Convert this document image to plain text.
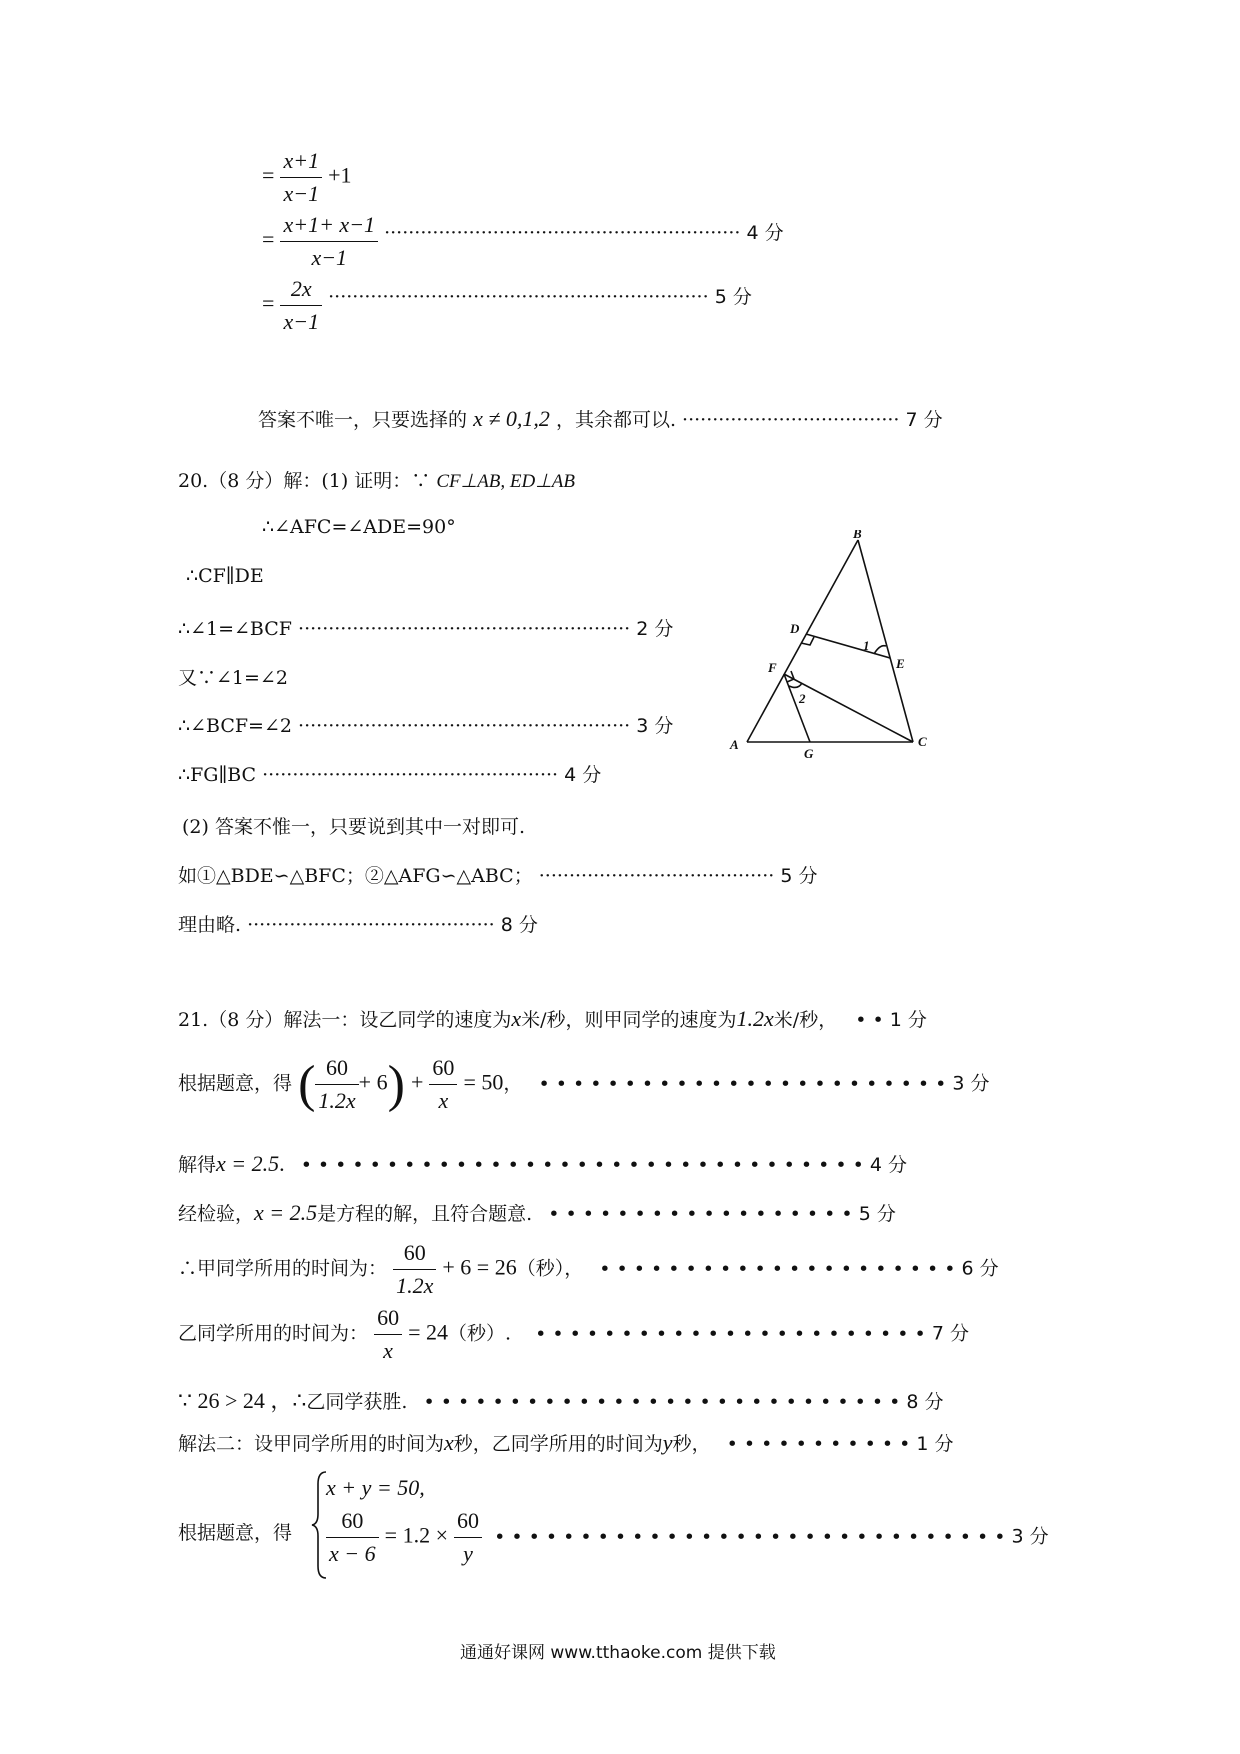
= $\frac{x+1}{x-1} +1$
= $\frac{x+1+ x-1}{x-1}$ ··························································· 4 分
= $\frac{2x}{x-1}$ ······························································· 5 分
答案不唯一，只要选择的 x ≠ 0,1,2 ，其余都可以. ···································· 7 分
20.（8 分）解：(1) 证明：∵ CF⊥AB, ED⊥AB
∴∠AFC=∠ADE=90°
∴CF∥DE
∴∠1=∠BCF ······················································· 2 分
又∵∠1=∠2
∴∠BCF=∠2 ······················································· 3 分
∴FG∥BC ················································· 4 分
(2) 答案不惟一，只要说到其中一对即可.
如①△BDE∽△BFC；②△AFG∽△ABC； ······································· 5 分
理由略. ········································· 8 分
B
D
E
F
A
G
C
1
2
21.（8 分）解法一：设乙同学的速度为x米/秒，则甲同学的速度为1.2x米/秒， • • 1 分
根据题意，得 ( $\frac{60}{1.2x} + 6) + \frac{60}{x} = 50$， • • • • • • • • • • • • • • • • • • • • • • • • 3 分
解得x = 2.5. • • • • • • • • • • • • • • • • • • • • • • • • • • • • • • • • • 4 分
经检验，x = 2.5是方程的解，且符合题意. • • • • • • • • • • • • • • • • • • 5 分
∴甲同学所用的时间为： $\frac{60}{1.2x} + 6 = 26$（秒）， • • • • • • • • • • • • • • • • • • • • • 6 分
乙同学所用的时间为： $\frac{60}{x} = 24$（秒）. • • • • • • • • • • • • • • • • • • • • • • • 7 分
∵ 26 > 24 ，∴乙同学获胜. • • • • • • • • • • • • • • • • • • • • • • • • • • • • 8 分
解法二：设甲同学所用的时间为x秒，乙同学所用的时间为y秒， • • • • • • • • • • • 1 分
根据题意，得
x + y = 50,
$\frac{60}{x - 6} = 1.2 \times \frac{60}{y}$ • • • • • • • • • • • • • • • • • • • • • • • • • • • • • • 3 分
通通好课网 www.tthaoke.com 提供下载
